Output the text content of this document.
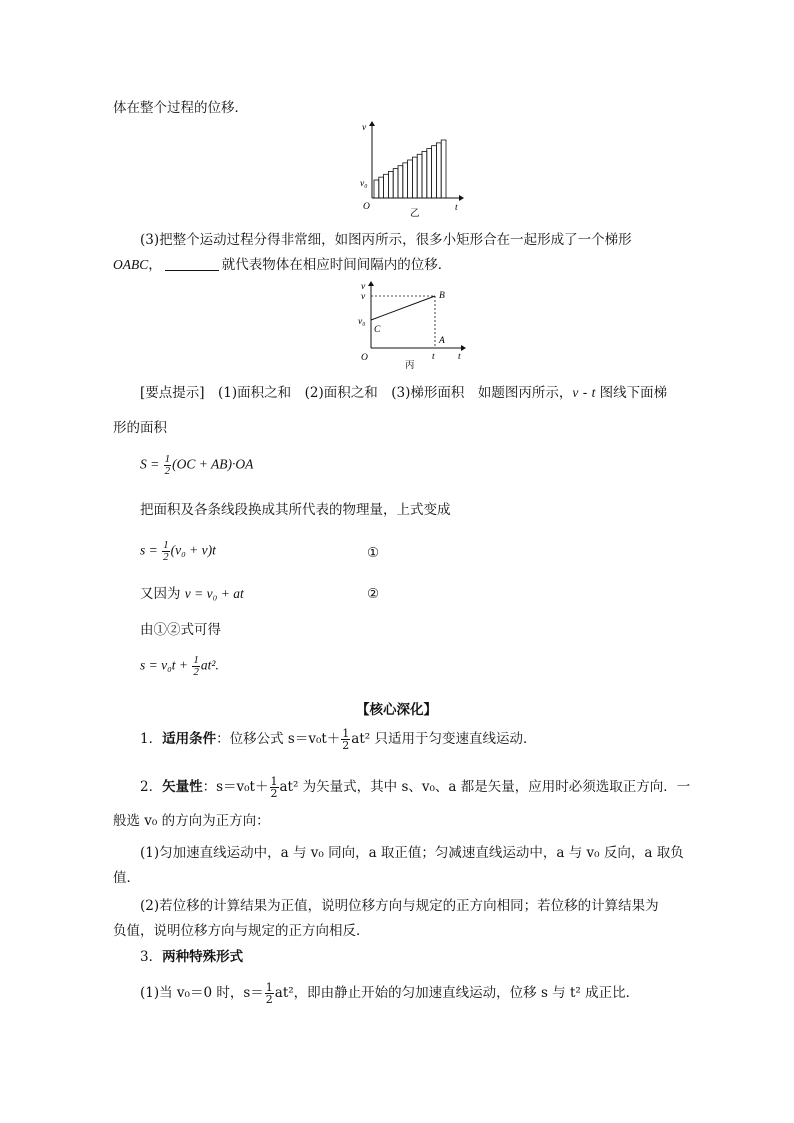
体在整个过程的位移．
v
t
O
v₀
乙
(3)把整个运动过程分得非常细，如图丙所示，很多小矩形合在一起形成了一个梯形
OABC，	就代表物体在相应时间间隔内的位移．
v
t
O
v
v₀
B
C
A
t
丙
[要点提示]　(1)面积之和　(2)面积之和　(3)梯形面积　如题图丙所示，v - t 图线下面梯
形的面积
$S = \frac{1}{2} (OC + AB)\cdot OA$
把面积及各条线段换成其所代表的物理量，上式变成
$s = \frac{1}{2} (v_0 + v)t$	①
又因为 v = v₀ + at	②
由①②式可得
$s = v_0t + \frac{1}{2} at^2$.
【核心深化】
1．适用条件：位移公式 $s=v_0t+ \frac{1}{2} at^2$ 只适用于匀变速直线运动．
2．矢量性：$s=v_0t+ \frac{1}{2} at^2$ 为矢量式，其中 s、v₀、a 都是矢量，应用时必须选取正方向．一
般选 v₀ 的方向为正方向：
(1)匀加速直线运动中，a 与 v₀ 同向，a 取正值；匀减速直线运动中，a 与 v₀ 反向，a 取负
值．
(2)若位移的计算结果为正值，说明位移方向与规定的正方向相同；若位移的计算结果为
负值，说明位移方向与规定的正方向相反．
3．两种特殊形式
(1)当 v₀＝0 时，$s= \frac{1}{2} at^2$，即由静止开始的匀加速直线运动，位移 s 与 t² 成正比．
